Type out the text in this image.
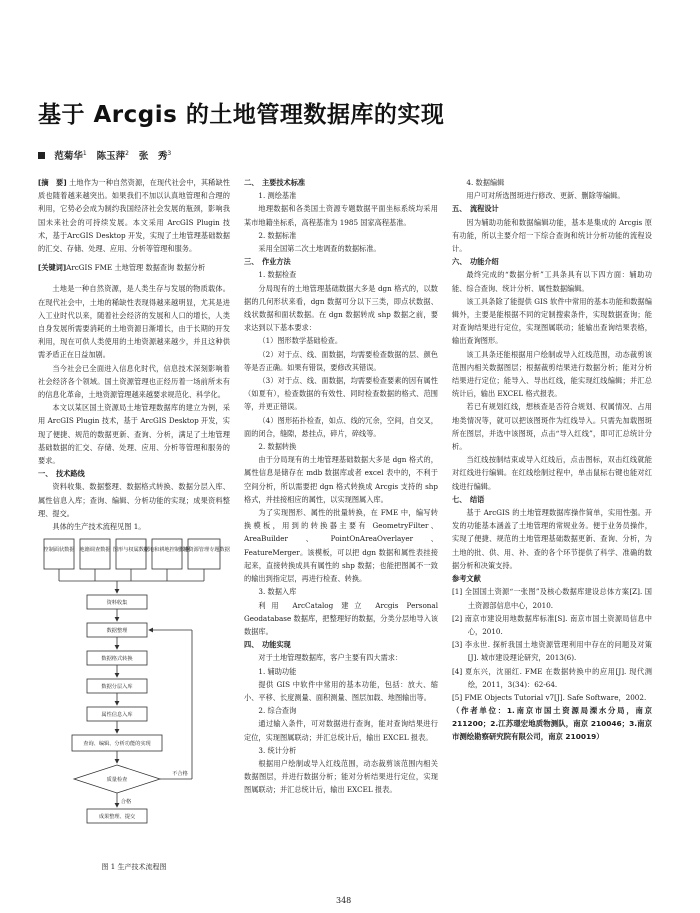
基于 Arcgis 的土地管理数据库的实现
范菊华$^1$ 陈玉萍$^2$ 张　秀$^3$

[摘　要] 土地作为一种自然资源，在现代社会中，其稀缺性质也随着越来越突出。如果我们不加以认真地管理和合理的利用，它势必会成为制约我国经济社会发展的瓶颈，影响我国未来社会的可持续发展。本文采用 ArcGIS Plugin 技术，基于ArcGIS Desktop 开发，实现了土地管理基础数据的汇交、存储、处理、应用、分析等管理和服务。

[关键词]ArcGIS FME 土地管理 数据查询 数据分析

土地是一种自然资源，是人类生存与发展的物质载体。在现代社会中，土地的稀缺性表现得越来越明显，尤其是进入工业时代以来，随着社会经济的发展和人口的增长，人类自身发展所需要消耗的土地资源日渐增长，由于长期的开发利用，现在可供人类使用的土地资源越来越少，并且这种供需矛盾正在日益加剧。

当今社会已全面进入信息化时代，信息技术深刻影响着社会经济各个领域。国土资源管理也正经历着一场前所未有的信息化革命，土地资源管理越来越要求规范化、科学化。

本文以某区国土资源局土地管理数据库的建立为例，采用 ArcGIS Plugin 技术，基于 ArcGIS Desktop 开发，实现了便捷、规范的数据更新、查询、分析，满足了土地管理基础数据的汇交、存储、处理、应用、分析等管理和服务的要求。

一、　技术路线

资料收集、数据整理、数据格式转换、数据分层入库、属性信息入库；查询、编辑、分析功能的实现；成果资料整理、提交。

具体的生产技术流程见图 1。

控制面状数据 地籍调查数据 图形与权属数据
征地和耕地控制数据
土地资源管理专题数据
资料收集
数据整理
数据格式转换
数据分层入库
属性信息入库
查询、编辑、分析功能的实现
质量检查
不合格
合格
成果整理、提交
图 1 生产技术流程图

二、　主要技术标准

1. 测绘基准

地理数据和各类国土资源专题数据平面坐标系统均采用某市地籍坐标系，高程基准为 1985 国家高程基准。

2. 数据标准

采用全国第二次土地调查的数据标准。

三、　作业方法

1. 数据检查

分局现有的土地管理基础数据大多是 dgn 格式的，以数据的几何形状来看，dgn 数据可分以下三类，即点状数据、线状数据和面状数据。在 dgn 数据转成 shp 数据之前，要求达到以下基本要求：

（1）图形数学基础检查。

（2）对于点、线、面数据，均需要检查数据的层、颜色等是否正确。如果有错误，要修改其错误。

（3）对于点、线、面数据，均需要检查要素的因有属性（如夏有），检查数据的有效性、同时检查数据的格式、范围等，并更正错误。

（4）图形拓扑检查，如点、线的冗余，空间，自交叉，面的闭合，缝隙，悬挂点，碎片，碎线等。

2. 数据转换

由于分局现有的土地管理基础数据大多是 dgn 格式的，属性信息是储存在 mdb 数据库或者 excel 表中的，不利于空间分析，所以需要把 dgn 格式转换成 Arcgis 支持的 shp 格式，并挂接相应的属性，以实现图属入库。

为了实现图形、属性的批量转换，在 FME 中，编写转换模板，用到的转换器主要有 GeometryFilter、AreaBuilder、PointOnAreaOverlayer、FeatureMerger。该模板，可以把 dgn 数据和属性表挂接起来，直接转换成具有属性的 shp 数据；也能把图属不一致的输出到指定层，再进行检查、转换。

3. 数据入库

利用 ArcCatalog 建立 Arcgis Personal Geodatabase 数据库，把整理好的数据，分类分层地导入该数据库。

四、　功能实现

对于土地管理数据库，客户主要有四大需求：

1. 辅助功能

提供 GIS 中软件中常用的基本功能，包括：放大、缩小、平移、长度测量、面积测量、图层加载、地图输出等。

2. 综合查询

通过输入条件，可对数据进行查询，能对查询结果进行定位，实现图属联动；并汇总统计后，输出 EXCEL 报表。

3. 统计分析

根据用户绘制或导入红线范围，动态裁剪该范围内相关数据图层，并进行数据分析；能对分析结果进行定位，实现图属联动；并汇总统计后，输出 EXCEL 报表。

4. 数据编辑

用户可对所选图斑进行修改、更新、删除等编辑。

五、　流程设计

因为辅助功能和数据编辑功能，基本是集成的 Arcgis 原有功能，所以主要介绍一下综合查询和统计分析功能的流程设计。

六、　功能介绍

最终完成的“数据分析”工具条具有以下四方面：辅助功能、综合查询、统计分析、属性数据编辑。

该工具条除了能提供 GIS 软件中常用的基本功能和数据编辑外，主要是能根据不同的定制搜索条件，实现数据查询；能对查询结果进行定位，实现图属联动；能输出查询结果表格，输出查询图形。

该工具条还能根据用户绘制或导入红线范围，动态裁剪该范围内相关数据图层；根据裁剪结果进行数据分析；能对分析结果进行定位；能导入、导出红线，能实现红线编辑；并汇总统计后，输出 EXCEL 格式报表。

若已有规划红线，想核查是否符合规划、权属情况、占用地类情况等，就可以把该图斑作为红线导入。只需先加载图斑所在图层，并选中该图斑，点击“导入红线”，即可汇总统计分析。

当红线按制结束或导入红线后，点击图标，双击红线就能对红线进行编辑。在红线绘制过程中，单击鼠标右键也能对红线进行编辑。

七、　结语

基于 ArcGIS 的土地管理数据库操作简单，实用性强。开发的功能基本涵盖了土地管理的常规业务。便于业务员操作，实现了便捷、规范的土地管理基础数据更新、查询、分析，为土地的批、供、用、补、查的各个环节提供了科学、准确的数据分析和决策支持。

参考文献

[1] 全国国土资源“一张图”及核心数据库建设总体方案[Z]. 国土资源部信息中心，2010.

[2] 南京市建设用地数据库标准[S]. 南京市国土资源局信息中心，2010.

[3] 李永世. 探析我国土地资源管理利用中存在的问题及对策[J]. 城市建设理论研究，2013(6).

[4] 夏东兴，沈丽红. FME 在数据转换中的应用[J]. 现代测绘，2011，3(34)：62-64.

[5] FME Objects Tutorial v7[J]. Safe Software，2002.

（作者单位：1.南京市国土资源局溧水分局，南京 211200；2.江苏璟宏地质物测队，南京 210046；3.南京市测绘勘察研究院有限公司，南京 210019）

348
